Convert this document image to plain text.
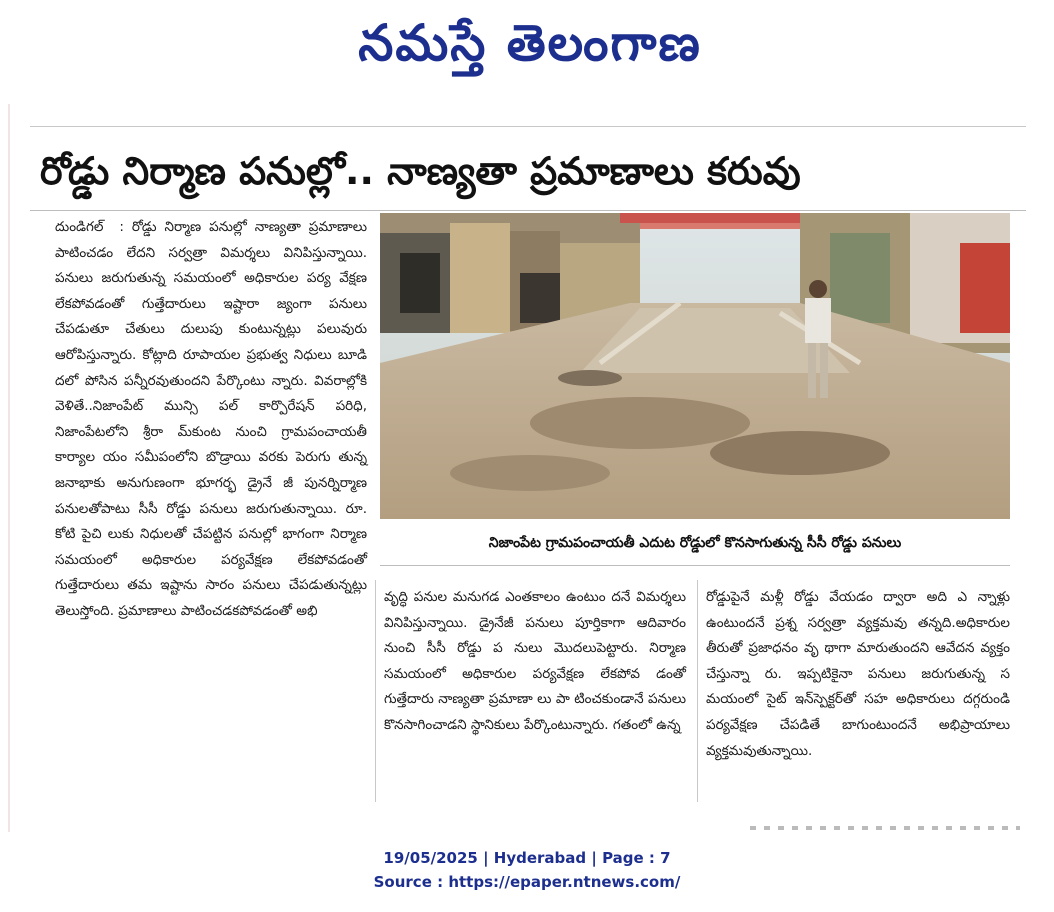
నమస్తే తెలంగాణ
రోడ్డు నిర్మాణ పనుల్లో.. నాణ్యతా ప్రమాణాలు కరువు

దుండిగల్  : రోడ్డు నిర్మాణ పనుల్లో నాణ్యతా ప్రమాణాలు పాటించడం లేదని సర్వత్రా విమర్శలు వినిపిస్తున్నాయి. పనులు జరుగుతున్న సమయంలో అధికారుల పర్య వేక్షణ లేకపోవడంతో గుత్తేదారులు ఇష్టారా జ్యంగా పనులు చేపడుతూ చేతులు దులుపు కుంటున్నట్లు పలువురు ఆరోపిస్తున్నారు. కోట్లాది రూపాయల ప్రభుత్వ నిధులు బూడి దలో పోసిన పన్నీరవుతుందని పేర్కొంటు న్నారు. వివరాల్లోకి వెళితే..నిజాంపేట్ మున్సి పల్ కార్పొరేషన్ పరిధి, నిజాంపేటలోని శ్రీరా మ్‌కుంట నుంచి గ్రామపంచాయతీ కార్యాల యం సమీపంలోని బొడ్రాయి వరకు పెరుగు తున్న జనాభాకు అనుగుణంగా భూగర్భ డ్రైనే జీ పునర్నిర్మాణ పనులతోపాటు సీసీ రోడ్డు పనులు జరుగుతున్నాయి. రూ. కోటి పైచి లుకు నిధులతో చేపట్టిన పనుల్లో భాగంగా నిర్మాణ సమయంలో అధికారుల పర్యవేక్షణ లేకపోవడంతో గుత్తేదారులు తమ ఇష్టాను సారం పనులు చేపడుతున్నట్లు తెలుస్తోంది. ప్రమాణాలు పాటించడకపోవడంతో అభి

నిజాంపేట గ్రామపంచాయతీ ఎదుట రోడ్డులో కొనసాగుతున్న సీసీ రోడ్డు పనులు

వృద్ధి పనుల మనుగడ ఎంతకాలం ఉంటుం దనే విమర్శలు వినిపిస్తున్నాయి. డ్రైనేజీ పనులు పూర్తికాగా ఆదివారం నుంచి సీసీ రోడ్డు ప నులు మొదలుపెట్టారు. నిర్మాణ సమయంలో అధికారుల పర్యవేక్షణ లేకపోవ డంతో గుత్తేదారు నాణ్యతా ప్రమాణా లు పా టించకుండానే పనులు కొనసాగించాడని స్థానికులు పేర్కొంటున్నారు. గతంలో ఉన్న

రోడ్డుపైనే మళ్లీ రోడ్డు వేయడం ద్వారా అది ఎ న్నాళ్లు ఉంటుందనే ప్రశ్న సర్వత్రా వ్యక్తమవు తన్నది.అధికారుల తీరుతో ప్రజాధనం వృ థాగా మారుతుందని ఆవేదన వ్యక్తం చేస్తున్నా రు. ఇప్పటికైనా పనులు జరుగుతున్న స మయంలో సైట్ ఇన్‌స్పెక్టర్‌తో సహ అధికారులు దగ్గరుండి పర్యవేక్షణ చేపడితే బాగుంటుందనే అభిప్రాయాలు వ్యక్తమవుతున్నాయి.

19/05/2025 | Hyderabad | Page : 7
Source : https://epaper.ntnews.com/
